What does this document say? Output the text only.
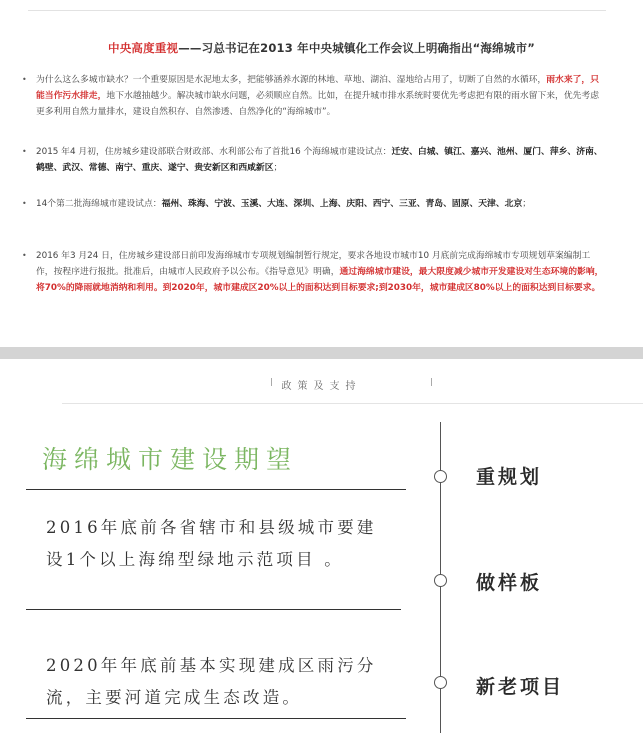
中央高度重视——习总书记在2013 年中央城镇化工作会议上明确指出“海绵城市”
• 为什么这么多城市缺水？一个重要原因是水泥地太多，把能够涵养水源的林地、草地、湖泊、湿地给占用了，切断了自然的水循环，雨水来了，只能当作污水排走，地下水越抽越少。解决城市缺水问题，必须顺应自然。比如，在提升城市排水系统时要优先考虑把有限的雨水留下来，优先考虑更多利用自然力量排水，建设自然积存、自然渗透、自然净化的“海绵城市”。
• 2015 年4 月初，住房城乡建设部联合财政部、水利部公布了首批16 个海绵城市建设试点：迁安、白城、镇江、嘉兴、池州、厦门、萍乡、济南、鹤壁、武汉、常德、南宁、重庆、遂宁、贵安新区和西咸新区；
• 14个第二批海绵城市建设试点：福州、珠海、宁波、玉溪、大连、深圳、上海、庆阳、西宁、三亚、青岛、固原、天津、北京；
• 2016 年3 月24 日，住房城乡建设部日前印发海绵城市专项规划编制暂行规定，要求各地设市城市10 月底前完成海绵城市专项规划草案编制工作，按程序进行报批。批准后，由城市人民政府予以公布。《指导意见》明确，通过海绵城市建设，最大限度减少城市开发建设对生态环境的影响，将70%的降雨就地消纳和利用。到2020年，城市建成区20%以上的面积达到目标要求;到2030年，城市建成区80%以上的面积达到目标要求。
政策及支持
海绵城市建设期望
2016年底前各省辖市和县级城市要建设1个以上海绵型绿地示范项目 。
2020年年底前基本实现建成区雨污分流，主要河道完成生态改造。
重规划
做样板
新老项目
